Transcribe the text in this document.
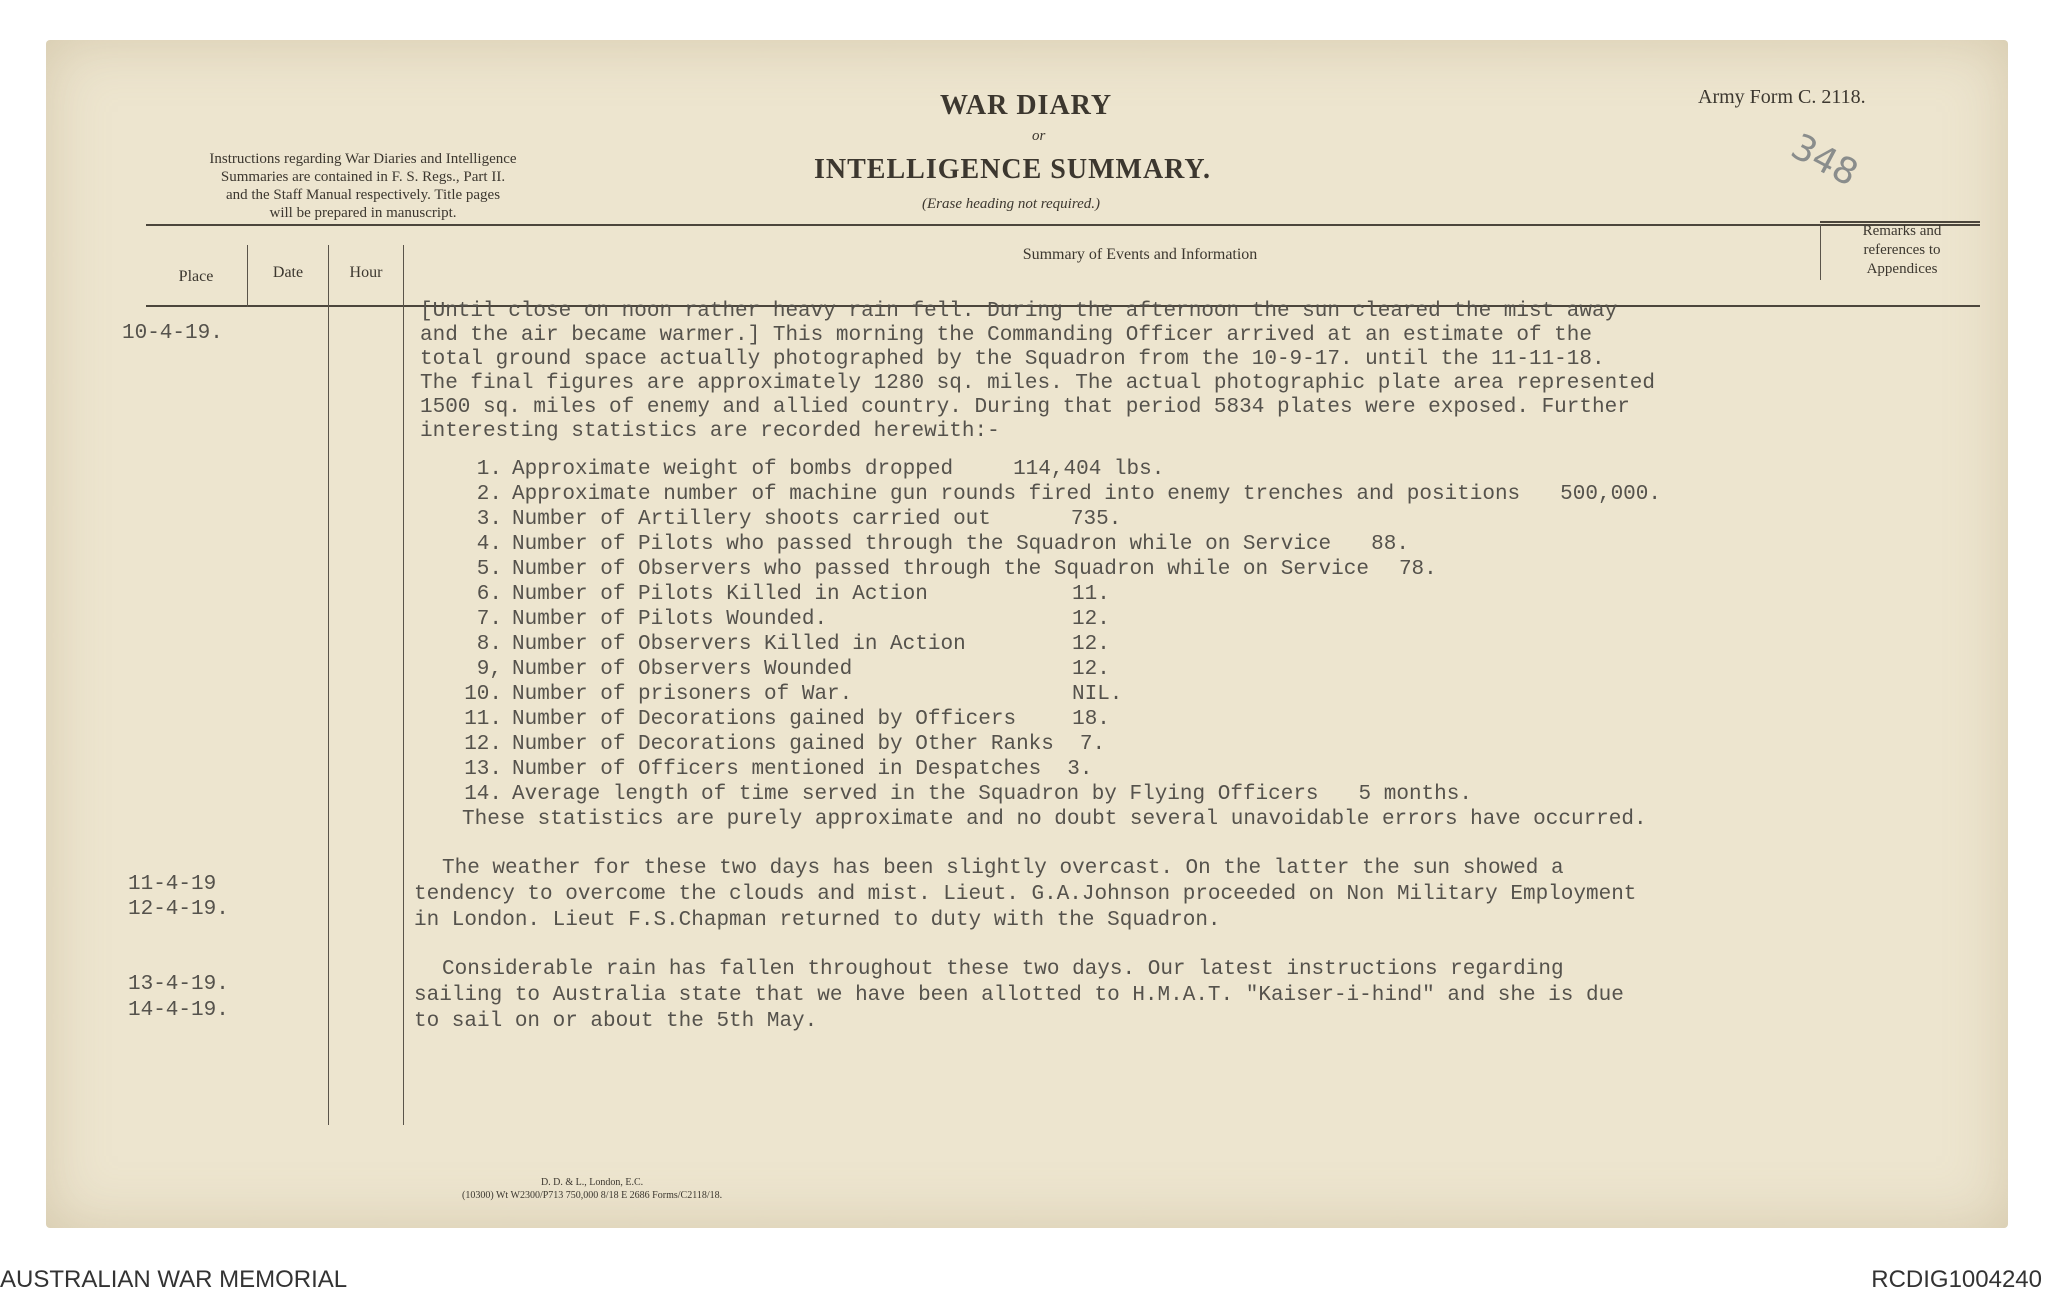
Instructions regarding War Diaries and Intelligence
Summaries are contained in F. S. Regs., Part II.
and the Staff Manual respectively. Title pages
will be prepared in manuscript.
WAR DIARY
or
INTELLIGENCE SUMMARY.
(Erase heading not required.)
Army Form C. 2118.
348
Place	Date	Hour
Summary of Events and Information
Remarks and
references to
Appendices
10-4-19.
[Until close on noon rather heavy rain fell. During the afternoon the sun cleared the mist away
and the air became warmer.] This morning the Commanding Officer arrived at an estimate of the
total ground space actually photographed by the Squadron from the 10-9-17. until the 11-11-18.
The final figures are approximately 1280 sq. miles. The actual photographic plate area represented
1500 sq. miles of enemy and allied country. During that period 5834 plates were exposed. Further
interesting statistics are recorded herewith:-
1. Approximate weight of bombs dropped	114,404 lbs.
2. Approximate number of machine gun rounds fired into enemy trenches and positions 500,000.
3. Number of Artillery shoots carried out	735.
4. Number of Pilots who passed through the Squadron while on Service 88.
5. Number of Observers who passed through the Squadron while on Service 78.
6. Number of Pilots Killed in Action	11.
7. Number of Pilots Wounded.	12.
8. Number of Observers Killed in Action	12.
9, Number of Observers Wounded	12.
10. Number of prisoners of War.	NIL.
11. Number of Decorations gained by Officers	18.
12. Number of Decorations gained by Other Ranks 7.
13. Number of Officers mentioned in Despatches 3.
14. Average length of time served in the Squadron by Flying Officers 5 months.
These statistics are purely approximate and no doubt several unavoidable errors have occurred.
11-4-19
12-4-19.
The weather for these two days has been slightly overcast. On the latter the sun showed a
tendency to overcome the clouds and mist. Lieut. G.A.Johnson proceeded on Non Military Employment
in London. Lieut F.S.Chapman returned to duty with the Squadron.
13-4-19.
14-4-19.
Considerable rain has fallen throughout these two days. Our latest instructions regarding
sailing to Australia state that we have been allotted to H.M.A.T. "Kaiser-i-hind" and she is due
to sail on or about the 5th May.
D. D. & L., London, E.C.
(10300) Wt W2300/P713 750,000 8/18 E 2686 Forms/C2118/18.
AUSTRALIAN WAR MEMORIAL	RCDIG1004240
